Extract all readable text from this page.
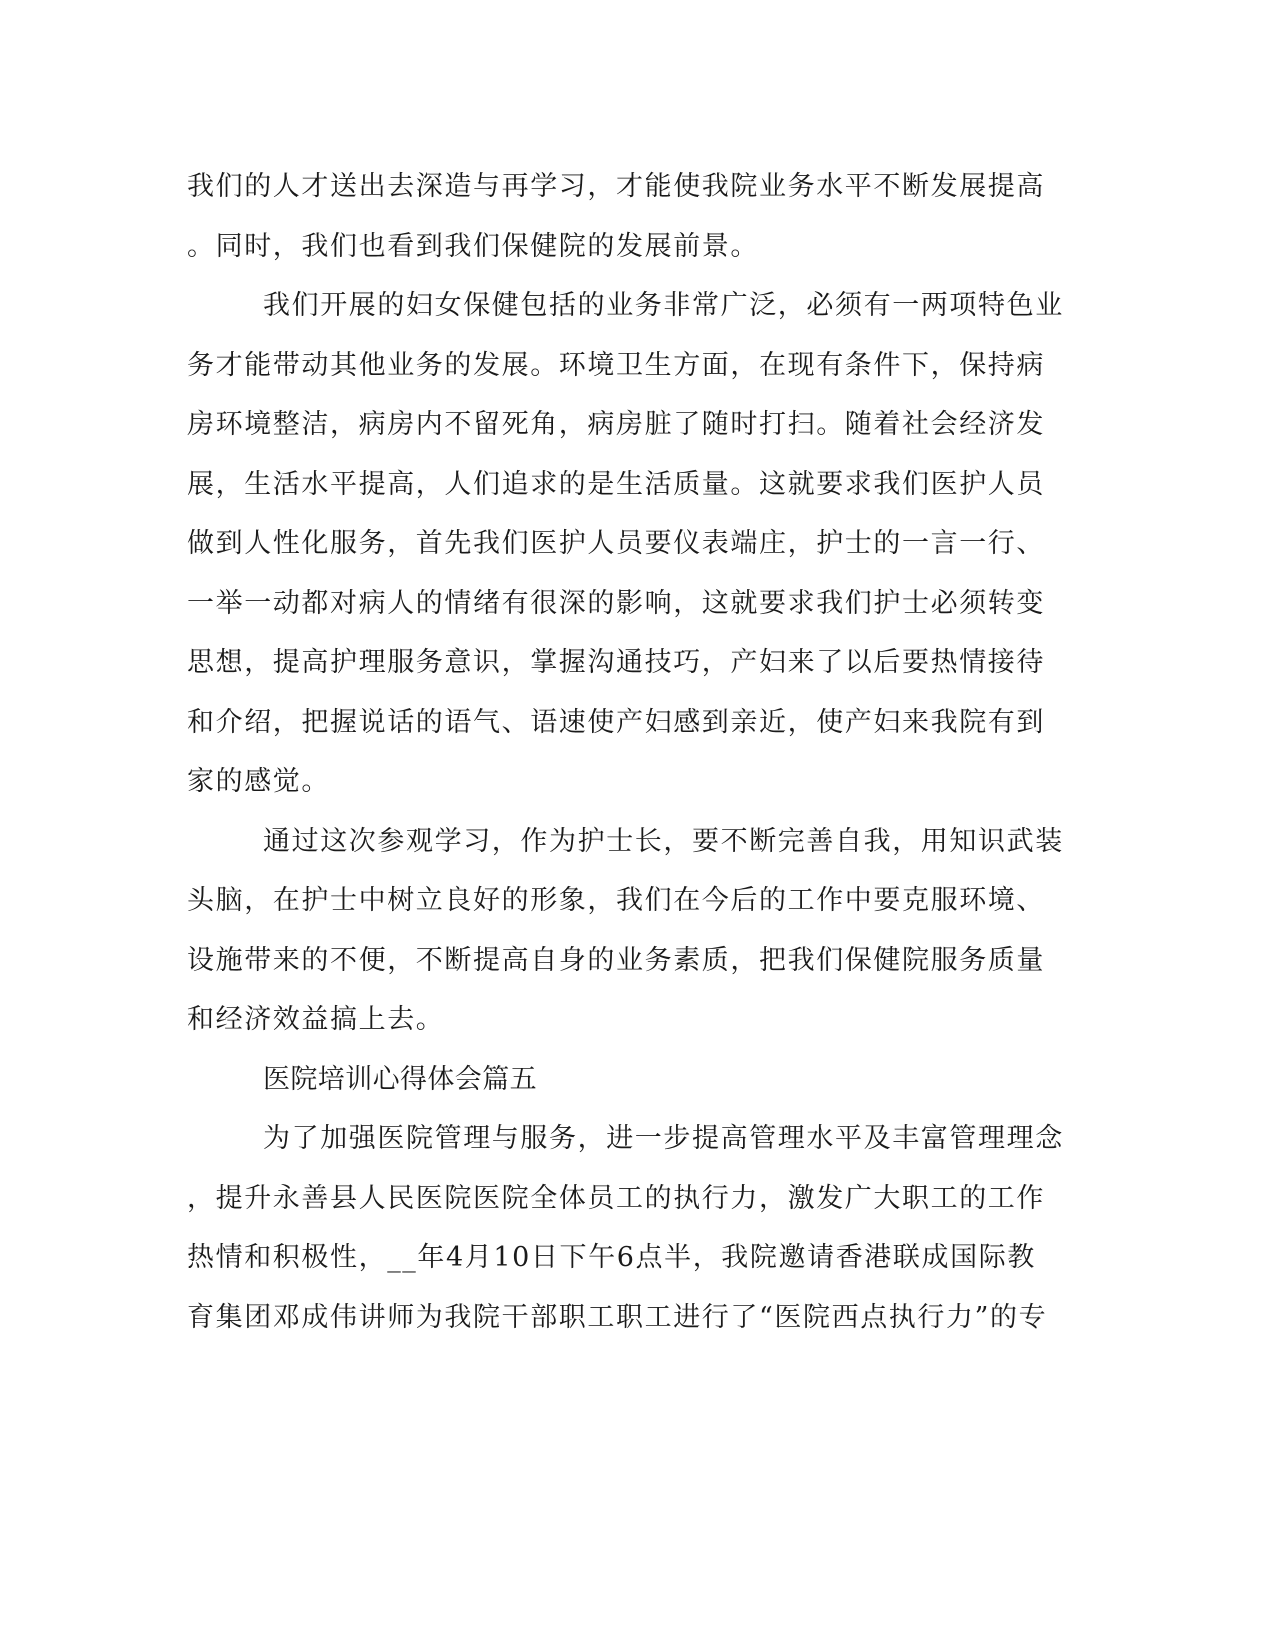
我们的人才送出去深造与再学习，才能使我院业务水平不断发展提高
。同时，我们也看到我们保健院的发展前景。
我们开展的妇女保健包括的业务非常广泛，必须有一两项特色业
务才能带动其他业务的发展。环境卫生方面，在现有条件下，保持病
房环境整洁，病房内不留死角，病房脏了随时打扫。随着社会经济发
展，生活水平提高，人们追求的是生活质量。这就要求我们医护人员
做到人性化服务，首先我们医护人员要仪表端庄，护士的一言一行、
一举一动都对病人的情绪有很深的影响，这就要求我们护士必须转变
思想，提高护理服务意识，掌握沟通技巧，产妇来了以后要热情接待
和介绍，把握说话的语气、语速使产妇感到亲近，使产妇来我院有到
家的感觉。
通过这次参观学习，作为护士长，要不断完善自我，用知识武装
头脑，在护士中树立良好的形象，我们在今后的工作中要克服环境、
设施带来的不便，不断提高自身的业务素质，把我们保健院服务质量
和经济效益搞上去。
医院培训心得体会篇五
为了加强医院管理与服务，进一步提高管理水平及丰富管理理念
，提升永善县人民医院医院全体员工的执行力，激发广大职工的工作
热情和积极性，__年4月10日下午6点半，我院邀请香港联成国际教
育集团邓成伟讲师为我院干部职工职工进行了“医院西点执行力”的专
